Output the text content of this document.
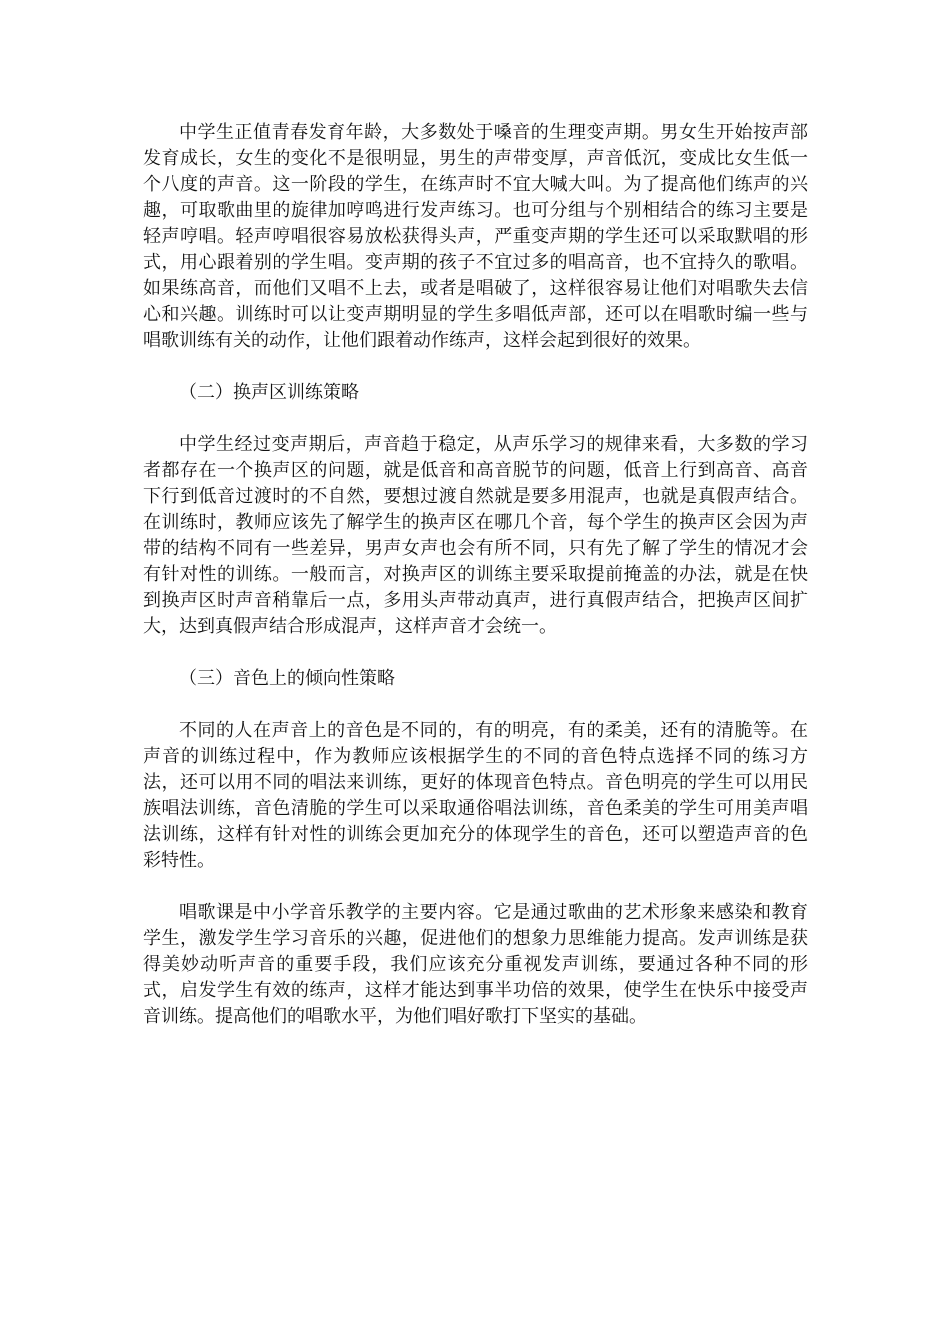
中学生正值青春发育年龄，大多数处于嗓音的生理变声期。男女生开始按声部发育成长，女生的变化不是很明显，男生的声带变厚，声音低沉，变成比女生低一个八度的声音。这一阶段的学生，在练声时不宜大喊大叫。为了提高他们练声的兴趣，可取歌曲里的旋律加哼鸣进行发声练习。也可分组与个别相结合的练习主要是轻声哼唱。轻声哼唱很容易放松获得头声，严重变声期的学生还可以采取默唱的形式，用心跟着别的学生唱。变声期的孩子不宜过多的唱高音，也不宜持久的歌唱。如果练高音，而他们又唱不上去，或者是唱破了，这样很容易让他们对唱歌失去信心和兴趣。训练时可以让变声期明显的学生多唱低声部，还可以在唱歌时编一些与唱歌训练有关的动作，让他们跟着动作练声，这样会起到很好的效果。

（二）换声区训练策略

中学生经过变声期后，声音趋于稳定，从声乐学习的规律来看，大多数的学习者都存在一个换声区的问题，就是低音和高音脱节的问题，低音上行到高音、高音下行到低音过渡时的不自然，要想过渡自然就是要多用混声，也就是真假声结合。在训练时，教师应该先了解学生的换声区在哪几个音，每个学生的换声区会因为声带的结构不同有一些差异，男声女声也会有所不同，只有先了解了学生的情况才会有针对性的训练。一般而言，对换声区的训练主要采取提前掩盖的办法，就是在快到换声区时声音稍靠后一点，多用头声带动真声，进行真假声结合，把换声区间扩大，达到真假声结合形成混声，这样声音才会统一。

（三）音色上的倾向性策略

不同的人在声音上的音色是不同的，有的明亮，有的柔美，还有的清脆等。在声音的训练过程中，作为教师应该根据学生的不同的音色特点选择不同的练习方法，还可以用不同的唱法来训练，更好的体现音色特点。音色明亮的学生可以用民族唱法训练，音色清脆的学生可以采取通俗唱法训练，音色柔美的学生可用美声唱法训练，这样有针对性的训练会更加充分的体现学生的音色，还可以塑造声音的色彩特性。

唱歌课是中小学音乐教学的主要内容。它是通过歌曲的艺术形象来感染和教育学生，激发学生学习音乐的兴趣，促进他们的想象力思维能力提高。发声训练是获得美妙动听声音的重要手段，我们应该充分重视发声训练，要通过各种不同的形式，启发学生有效的练声，这样才能达到事半功倍的效果，使学生在快乐中接受声音训练。提高他们的唱歌水平，为他们唱好歌打下坚实的基础。
